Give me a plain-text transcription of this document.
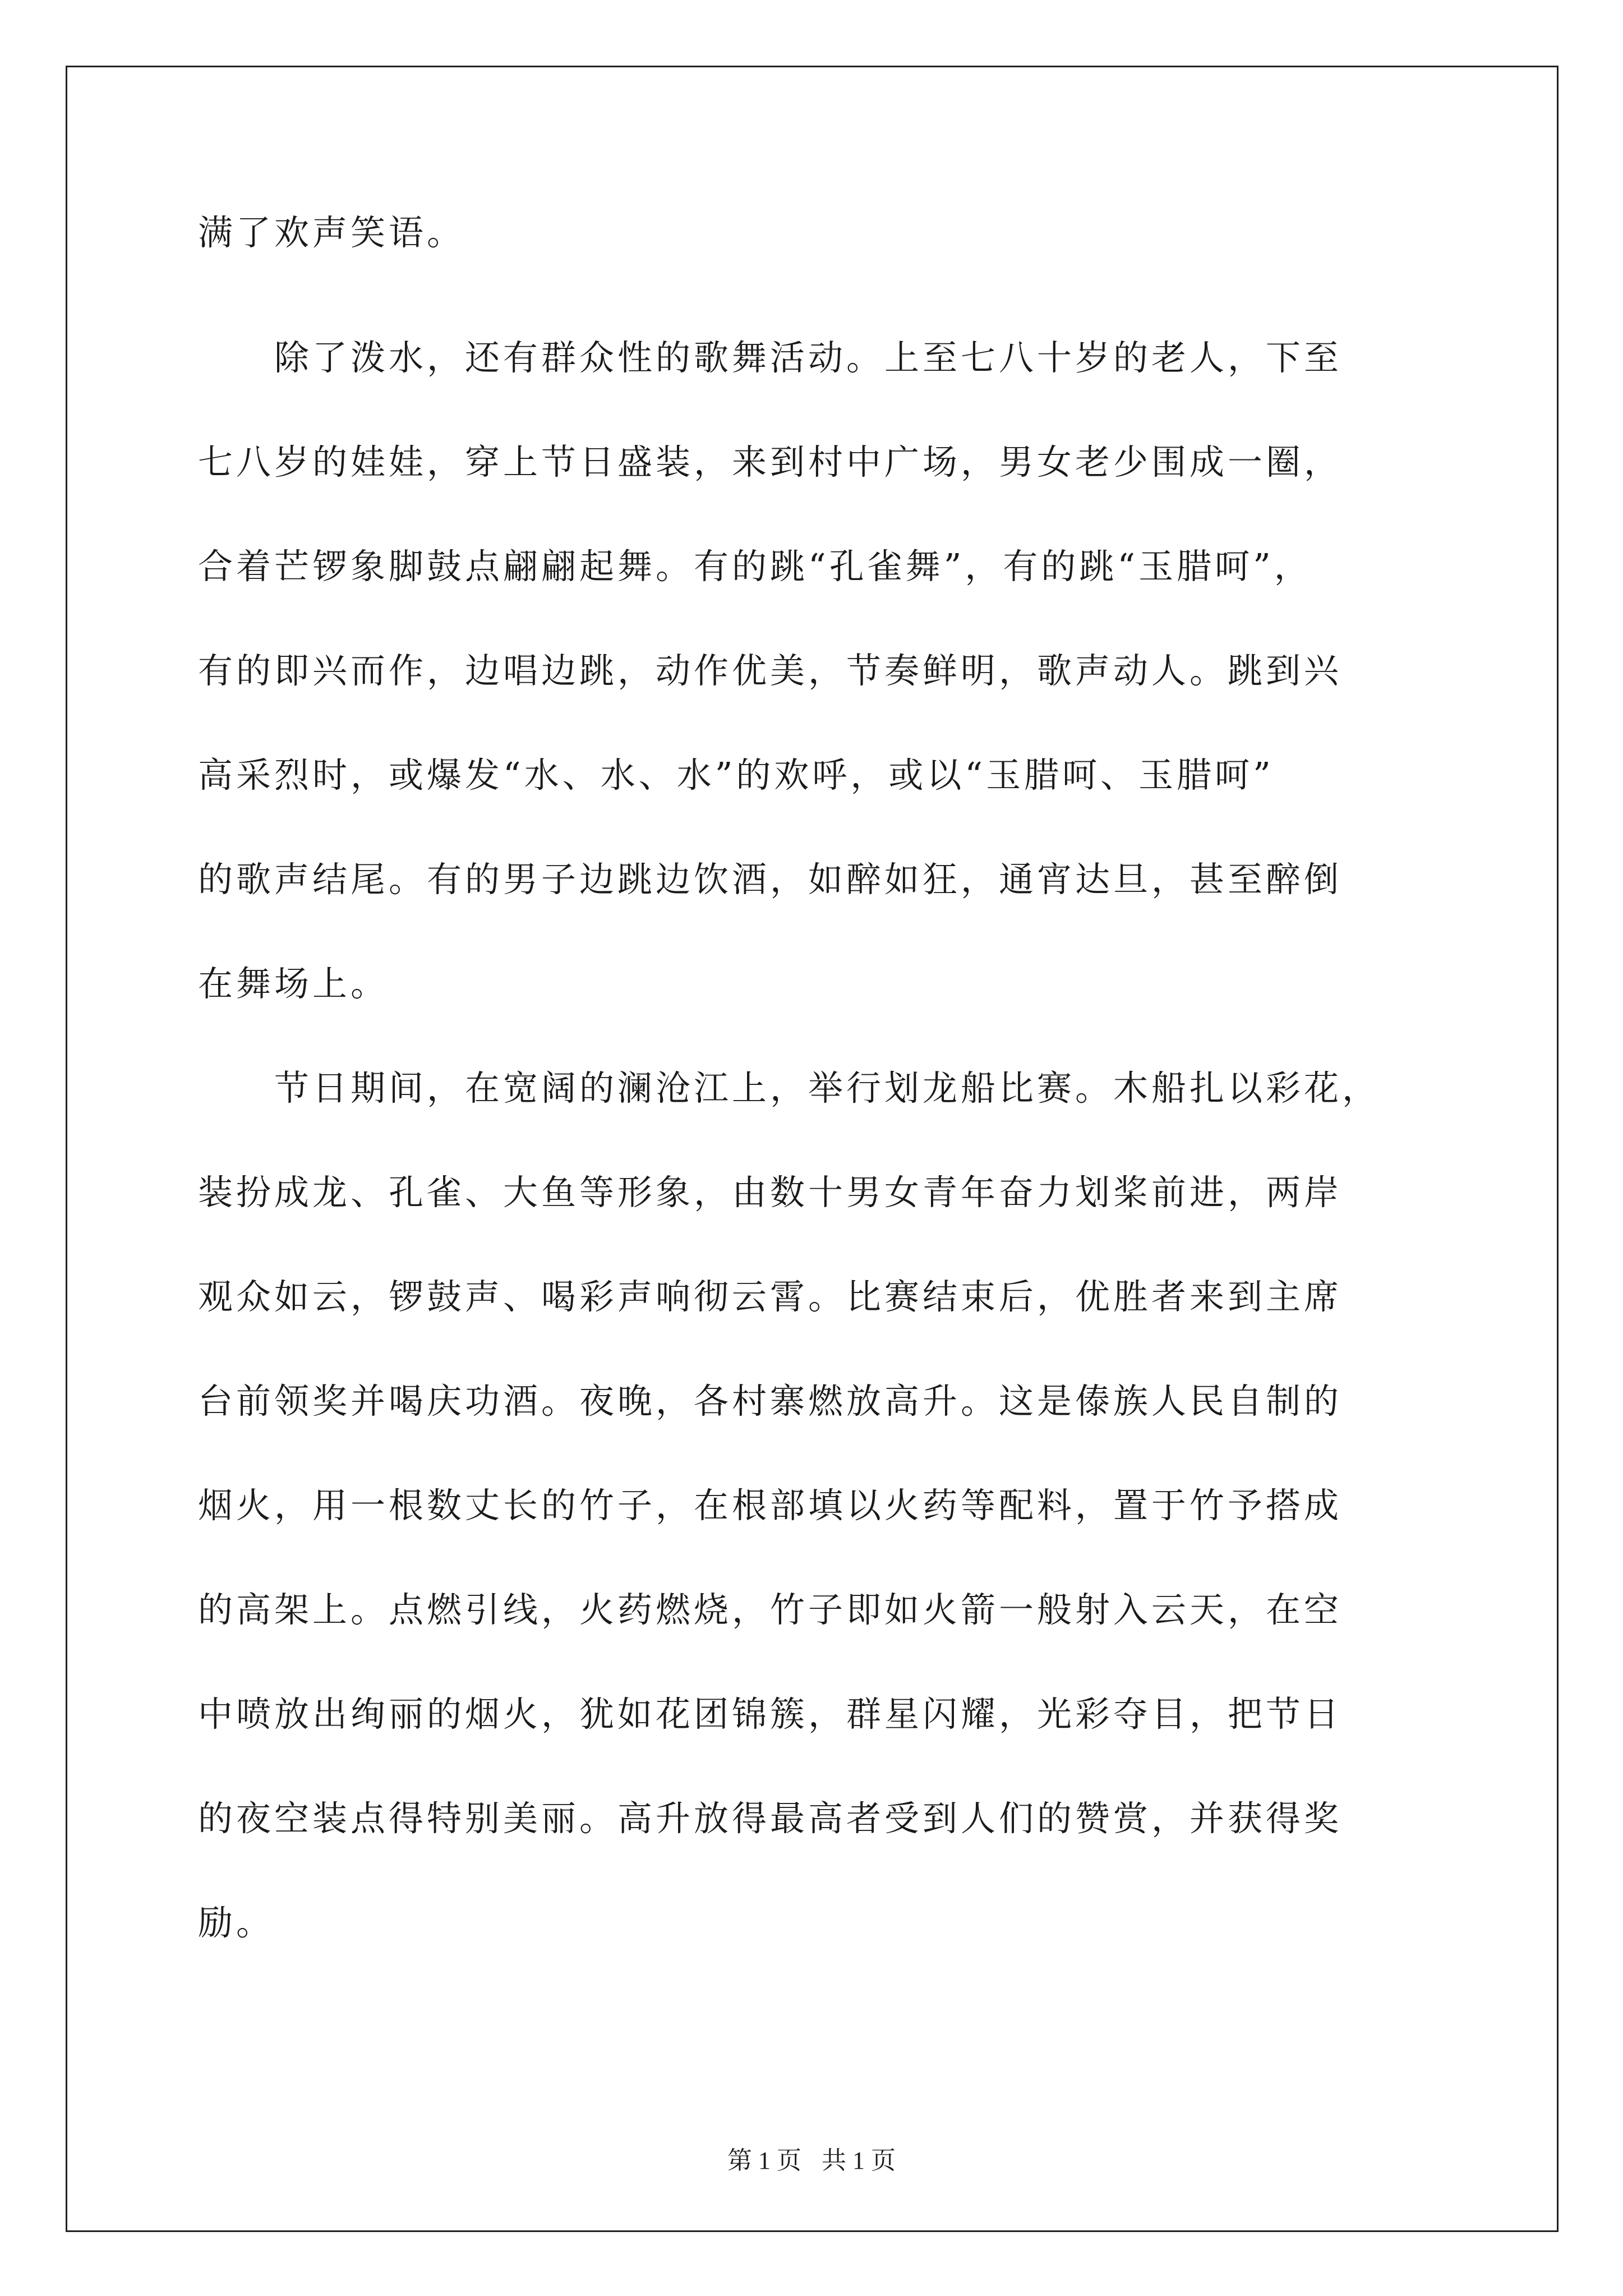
满了欢声笑语。
　　除了泼水，还有群众性的歌舞活动。上至七八十岁的老人，下至
七八岁的娃娃，穿上节日盛装，来到村中广场，男女老少围成一圈，
合着芒锣象脚鼓点翩翩起舞。有的跳“孔雀舞”，有的跳“玉腊呵”，
有的即兴而作，边唱边跳，动作优美，节奏鲜明，歌声动人。跳到兴
高采烈时，或爆发“水、水、水”的欢呼，或以“玉腊呵、玉腊呵”
的歌声结尾。有的男子边跳边饮酒，如醉如狂，通宵达旦，甚至醉倒
在舞场上。
　　节日期间，在宽阔的澜沧江上，举行划龙船比赛。木船扎以彩花，
装扮成龙、孔雀、大鱼等形象，由数十男女青年奋力划桨前进，两岸
观众如云，锣鼓声、喝彩声响彻云霄。比赛结束后，优胜者来到主席
台前领奖并喝庆功酒。夜晚，各村寨燃放高升。这是傣族人民自制的
烟火，用一根数丈长的竹子，在根部填以火药等配料，置于竹予搭成
的高架上。点燃引线，火药燃烧，竹子即如火箭一般射入云天，在空
中喷放出绚丽的烟火，犹如花团锦簇，群星闪耀，光彩夺目，把节日
的夜空装点得特别美丽。高升放得最高者受到人们的赞赏，并获得奖
励。
第 1 页 共 1 页
